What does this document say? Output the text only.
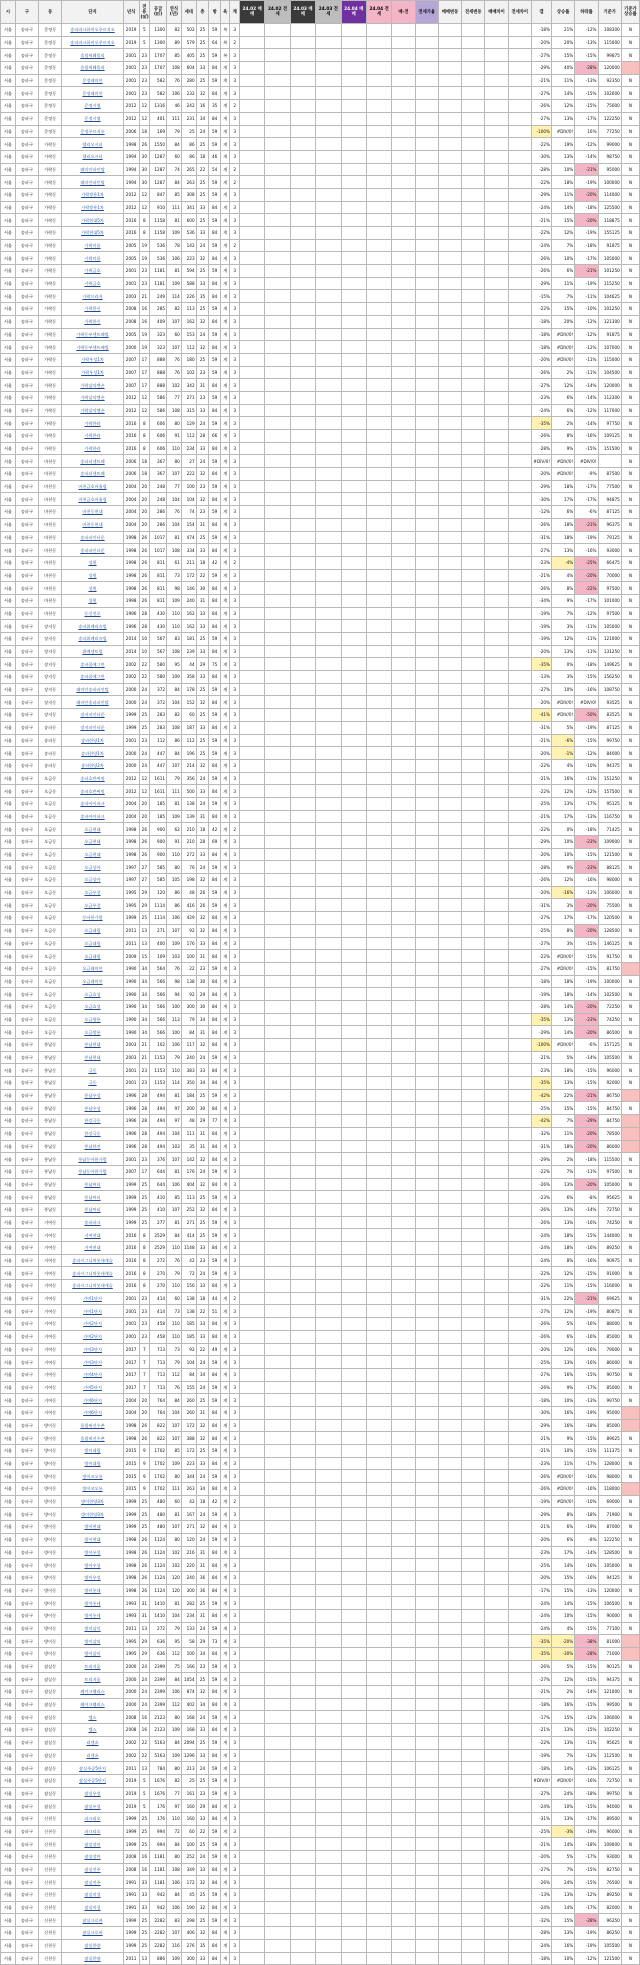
시	구	동	단지	년식	전용(㎡)	공급(㎡)	연식(년)	세대	층	방	욕	계	24.02 매매	24.02 전세	24.03 매매	24.03 전세	24.04 매매	24.04 전세	매-전	전세가율	매매변동	전세변동	매매차이	전세차이	갭	상승률	하락률	기준가	기준가 상승률
서울	송파구	문정동	송파파크하비오푸르지오	2019	5	1300	82	502	25	59	복	3													-18%	21%	-12%	108300	N
서울	송파구	문정동	송파파크하비오푸르지오	2019	5	1300	89	579	25	64	복	2													-20%	20%	-13%	115000	N
서울	송파구	문정동	올림픽훼밀리	2001	23	1707	85	405	25	59	복	3													-27%	15%	-15%	99875	N
서울	송파구	문정동	올림픽훼밀리	2001	23	1707	108	604	33	84	계	3													-29%	40%	-28%	120000	
서울	송파구	문정동	문정래미안	2001	23	582	76	280	25	59	계	3													-21%	11%	-13%	92350	N
서울	송파구	문정동	문정래미안	2001	23	582	106	232	32	84	계	3													-27%	14%	-15%	102000	N
서울	송파구	문정동	문정시영	2012	12	1316	46	242	16	35	계	2													-26%	12%	-15%	75600	N
서울	송파구	문정동	문정시영	2012	12	401	111	231	34	84	계	3													-27%	13%	-17%	122250	N
서울	송파구	문정동	문정푸르지오	2006	18	169	79	25	24	59	계	3													-100%	#DIV/0!	16%	77250	N
서울	송파구	가락동	헬리오시티	1998	26	1550	84	86	25	59	계	3													-22%	19%	-12%	99000	N
서울	송파구	가락동	헬리오시티	1994	30	1287	60	86	18	46	계	3													-30%	13%	-14%	98750	N
서울	송파구	가락동	래미안파인탑	1994	30	1287	74	265	22	54	계	2													-28%	10%	-21%	95000	N
서울	송파구	가락동	래미안파인탑	1994	30	1287	84	263	25	59	계	2													-22%	18%	-19%	100000	N
서울	송파구	가락동	가락쌍용1차	2012	12	847	85	308	25	59	계	3													-29%	11%	-20%	114000	N
서울	송파구	가락동	가락쌍용1차	2012	12	910	111	341	33	84	계	3													-24%	14%	-18%	125500	N
서울	송파구	가락동	가락현대5차	2016	8	1158	81	600	25	59	계	3													-21%	15%	-20%	118875	N
서울	송파구	가락동	가락현대5차	2016	8	1158	109	536	33	84	계	3													-22%	12%	-19%	155125	N
서울	송파구	가락동	가락미륭	2005	19	536	78	142	24	59	계	2													-24%	7%	-18%	91875	N
서울	송파구	가락동	가락미륭	2005	19	536	106	223	32	84	계	3													-26%	10%	-17%	105000	N
서울	송파구	가락동	가락금호	2001	23	1181	81	594	25	59	계	3													-26%	6%	-21%	101250	N
서울	송파구	가락동	가락금호	2001	23	1181	109	588	33	84	계	3													-29%	11%	-19%	115250	N
서울	송파구	가락동	가락프라자	2003	21	249	114	226	35	84	계	3													-15%	7%	-11%	104625	N
서울	송파구	가락동	가락한신	2008	16	285	82	113	25	59	계	3													-22%	15%	-10%	101250	N
서울	송파구	가락동	가락한신	2008	16	409	107	162	32	84	계	3													-18%	20%	-12%	121300	N
서울	송파구	가락동	가락동부센트레빌	2005	19	323	60	153	24	59	계	3													-18%	#DIV/0!	-12%	91875	N
서울	송파구	가락동	가락동부센트레빌	2000	19	323	107	112	32	84	계	3													-18%	#DIV/0!	-12%	107000	N
서울	송파구	가락동	가락우성1차	2007	17	888	76	180	25	59	계	3													-20%	#DIV/0!	-11%	115000	N
서울	송파구	가락동	가락우성1차	2007	17	888	76	102	23	59	계	3													-26%	2%	-11%	104500	N
서울	송파구	가락동	가락삼익맨숀	2007	17	888	102	342	31	84	계	3													-27%	12%	-14%	120000	N
서울	송파구	가락동	가락삼익맨숀	2012	12	586	77	271	23	59	계	3													-23%	6%	-14%	112300	N
서울	송파구	가락동	가락삼익맨숀	2012	12	586	108	315	33	84	계	3													-24%	6%	-12%	117000	N
서울	송파구	가락동	가락한라	2016	8	606	80	129	24	59	계	3													-35%	2%	-14%	97750	N
서울	송파구	가락동	가락한라	2016	8	606	91	112	28	66	계	3													-26%	8%	-16%	109125	N
서울	송파구	가락동	가락한라	2016	8	606	110	234	33	84	계	3													-28%	9%	-15%	151500	N
서울	송파구	마천동	송파더센트레	2006	18	367	80	27	24	59	계	3													#DIV/0!	#DIV/0!	#DIV/0!		N
서울	송파구	마천동	송파더센트레	2006	18	367	107	222	32	84	계	3													-20%	#DIV/0!	-9%	87500	N
서울	송파구	마천동	마천금호어울림	2004	20	248	77	100	23	59	계	3													-29%	18%	-17%	77500	N
서울	송파구	마천동	마천금호어울림	2004	20	248	104	104	32	84	계	3													-30%	17%	-17%	94875	N
서울	송파구	마천동	마천동현대	2004	20	286	76	74	23	59	계	3													-12%	6%	-6%	87125	N
서울	송파구	마천동	마천동현대	2004	20	286	104	154	31	84	계	3													-26%	18%	-21%	96375	N
서울	송파구	마천동	송파파인타운	1998	26	1017	81	474	25	59	계	3													-31%	18%	-19%	79125	N
서울	송파구	마천동	송파파인타운	1998	26	1017	108	334	33	84	계	3													-27%	13%	-16%	93000	N
서울	송파구	마천동	성원	1998	26	811	61	211	18	42	계	2													-23%	-4%	-25%	66475	N
서울	송파구	마천동	성원	1998	26	811	73	172	22	59	계	3													-21%	4%	-20%	70000	N
서울	송파구	마천동	성원	1998	26	811	98	146	30	84	계	3													-26%	8%	-22%	97500	N
서울	송파구	마천동	성원	1998	26	811	109	240	31	84	계	3													-34%	9%	-17%	101000	N
서울	송파구	마천동	동신진로	1996	28	430	110	162	33	84	계	3													-19%	7%	-12%	97500	N
서울	송파구	장지동	송파위례리슈빌	1996	28	430	110	162	33	84	계	3													-19%	3%	-11%	105000	N
서울	송파구	장지동	송파위례리슈빌	2014	10	567	83	181	25	59	계	3													-19%	12%	-11%	121000	N
서울	송파구	장지동	위례센트럴	2014	10	567	108	239	33	84	계	3													-20%	13%	-11%	131250	N
서울	송파구	장지동	송파꿈에그린	2002	22	580	95	44	29	75	계	3													-35%	0%	-18%	149625	N
서울	송파구	장지동	송파꿈에그린	2002	22	580	109	358	33	84	계	3													-13%	3%	-15%	156250	N
서울	송파구	장지동	래미안송파파인탑	2000	24	372	84	178	25	59	계	3													-27%	10%	-16%	108750	N
서울	송파구	장지동	래미안송파파인탑	2000	24	372	104	152	32	84	계	3													-20%	#DIV/0!	#DIV/0!	93525	N
서울	송파구	장지동	장지파인타운	1999	25	283	82	60	25	59	계	3													-41%	#DIV/0!	-50%	83525	N
서울	송파구	송파동	장지파인타운	1999	25	283	108	187	33	84	계	3													-31%	5%	-19%	87125	N
서울	송파구	송파동	송파한양1차	2001	23	112	86	112	25	59	계	3													-21%	-6%	-15%	99750	N
서울	송파구	송파동	송파한양1차	2000	24	447	84	196	25	59	계	3													-20%	-1%	-12%	84000	N
서울	송파구	송파동	송파한양2차	2000	24	447	107	214	32	84	계	3													-22%	4%	-10%	94375	N
서울	송파구	오금동	송파호반써밋	2012	12	1611	79	356	24	59	계	3													-21%	16%	-11%	151250	N
서울	송파구	오금동	송파호반써밋	2012	12	1611	111	500	33	84	계	3													-22%	12%	-12%	157500	N
서울	송파구	오금동	송파아이파크	2004	20	185	81	138	24	59	계	3													-25%	13%	-17%	95125	N
서울	송파구	오금동	송파아이파크	2004	20	185	109	139	31	84	계	3													-21%	17%	-13%	116750	N
서울	송파구	오금동	오금현대	1998	26	900	62	210	18	42	계	2													-22%	0%	-18%	71425	N
서울	송파구	오금동	오금현대	1998	26	900	91	210	28	69	계	3													-29%	10%	-23%	109000	N
서울	송파구	오금동	오금현대	1998	26	900	110	272	33	84	계	3													-20%	10%	-15%	121500	N
서울	송파구	오금동	오금상아	1997	27	585	80	76	24	59	계	3													-28%	9%	-23%	88125	N
서울	송파구	오금동	오금상아	1997	27	585	105	198	32	84	계	3													-26%	12%	-16%	98000	N
서울	송파구	오금동	오금우창	1995	29	120	86	48	26	59	계	3													-20%	-16%	-13%	106000	N
서울	송파구	오금동	오금우창	1995	29	1114	86	416	26	59	계	3													-31%	3%	-20%	75500	N
서울	송파구	오금동	동아한가람	1999	25	1114	106	429	32	84	계	3													-27%	17%	-17%	120500	N
서울	송파구	오금동	오금대림	2011	13	271	107	92	32	84	계	3													-25%	8%	-20%	128500	N
서울	송파구	오금동	오금대림	2011	13	400	109	176	33	84	계	3													-27%	3%	-15%	146125	N
서울	송파구	오금동	오금대림	2009	15	109	103	100	31	84	계	3													-22%	#DIV/0!	-15%	91750	N
서울	송파구	오금동	오금래미안	1990	34	564	76	22	23	59	계	3													-27%	#DIV/0!	-15%	81750	
서울	송파구	오금동	오금래미안	1990	34	566	98	138	30	84	계	3													-18%	18%	-19%	100000	N
서울	송파구	오금동	오금효성	1990	34	566	94	92	29	84	계	3													-19%	18%	-14%	102500	N
서울	송파구	오금동	오금효성	1990	34	566	100	300	30	84	계	3													-28%	14%	-20%	72250	N
서울	송파구	오금동	오금쌍용	1990	34	566	113	79	34	84	계	3													-35%	13%	-23%	74250	N
서울	송파구	오금동	오금쌍용	1990	34	566	100	84	31	84	계	3													-29%	14%	-20%	86500	N
서울	송파구	풍납동	풍납현대	2003	21	102	106	117	32	84	계	3													-100%	#DIV/0!	-6%	157125	N
서울	송파구	풍납동	풍납현대	2003	21	1153	79	240	24	59	계	3													-21%	5%	-14%	105500	N
서울	송파구	풍납동	극동	2001	23	1153	110	383	33	84	계	3													-23%	18%	-15%	96000	N
서울	송파구	풍납동	극동	2001	23	1153	114	350	34	84	계	3													-35%	13%	-15%	92000	N
서울	송파구	풍납동	풍납우성	1996	28	494	81	184	25	59	계	3													-42%	22%	-21%	86750	
서울	송파구	풍납동	풍납우성	1996	28	494	97	200	30	84	계	3													-25%	15%	-15%	84750	N
서울	송파구	풍납동	한강극동	1996	28	494	97	48	29	77	계	3													-42%	7%	-29%	84750	
서울	송파구	풍납동	한강극동	1996	28	494	104	111	31	84	계	3													-32%	11%	-20%	78500	
서울	송파구	풍납동	풍납한진	1996	28	494	103	35	31	84	계	3													-31%	18%	-20%	86000	
서울	송파구	풍납동	풍납동아한가람	2001	23	376	107	142	32	84	계	3													-29%	2%	-18%	115500	N
서울	송파구	풍납동	풍납동아한가람	2007	17	644	81	176	24	59	계	3													-22%	7%	-11%	97500	N
서울	송파구	풍납동	풍납씨티	1999	25	644	106	404	32	84	계	3													-26%	13%	-20%	105000	N
서울	송파구	풍납동	풍납씨티	1999	25	410	85	113	25	59	계	3													-23%	6%	-8%	95625	N
서울	송파구	풍납동	풍납씨티	1999	25	410	107	252	32	84	계	3													-26%	13%	-14%	72750	N
서울	송파구	거여동	송파파크	1999	25	277	81	271	25	59	계	3													-26%	13%	-16%	74250	N
서울	송파구	거여동	거여현대	2016	8	2529	84	414	25	59	계	3													-24%	18%	-15%	144000	N
서울	송파구	거여동	거여현대	2016	8	2529	110	1148	33	84	계	3													-24%	18%	-16%	89250	N
서울	송파구	거여동	송파시그니처롯데캐슬	2016	8	272	76	42	23	59	계	3													-24%	8%	-16%	90975	N
서울	송파구	거여동	송파시그니처롯데캐슬	2016	8	270	79	72	24	59	계	3													-22%	12%	-15%	91000	N
서울	송파구	거여동	송파시그니처롯데캐슬	2016	8	270	110	156	33	84	계	3													-22%	11%	-15%	116000	N
서울	송파구	거여동	거여1단지	2001	23	414	60	138	18	44	계	2													-31%	22%	-21%	69625	N
서울	송파구	거여동	거여1단지	2001	23	414	73	138	22	51	계	3													-27%	12%	-19%	80875	N
서울	송파구	거여동	거여2단지	2001	23	458	110	185	33	84	계	3													-26%	5%	-16%	88000	N
서울	송파구	거여동	거여2단지	2001	23	458	110	185	33	84	계	3													-26%	6%	-16%	85000	N
서울	송파구	거여동	거여3단지	2017	7	713	73	92	22	49	계	3													-20%	12%	-16%	79000	N
서울	송파구	거여동	거여3단지	2017	7	713	79	104	24	59	계	3													-25%	13%	-16%	86000	N
서울	송파구	거여동	거여4단지	2017	7	713	112	84	34	84	계	3													-27%	16%	-15%	90750	N
서울	송파구	거여동	거여5단지	2017	7	713	76	155	24	59	계	3													-26%	9%	-17%	85000	N
서울	송파구	거여동	거여6단지	2004	20	764	84	260	25	59	계	3													-18%	10%	-13%	99750	N
서울	송파구	거여동	거여6단지	2004	20	764	104	260	31	84	계	3													-30%	16%	-19%	95000	
서울	송파구	방이동	올림픽선수촌	1998	26	822	107	172	32	84	계	3													-29%	16%	-18%	85000	
서울	송파구	방이동	올림픽선수촌	1998	26	822	107	388	32	84	계	3													-21%	9%	-15%	89625	N
서울	송파구	방이동	방이대림	2015	9	1702	85	172	25	59	계	3													-21%	10%	-15%	111375	N
서울	송파구	방이동	방이대림	2015	9	1702	109	223	33	84	계	3													-23%	11%	-17%	128000	N
서울	송파구	방이동	방이코오롱	2015	9	1702	80	344	24	59	계	3													-26%	#DIV/0!	-16%	98000	N
서울	송파구	방이동	방이코오롱	2015	9	1702	111	263	34	84	계	3													-26%	#DIV/0!	-16%	118000	
서울	송파구	방이동	방이한양3차	1999	25	480	60	42	18	42	계	2													-19%	#DIV/0!	-10%	69000	N
서울	송파구	방이동	방이한양3차	1999	25	480	81	167	24	59	계	3													-29%	8%	-18%	71900	N
서울	송파구	방이동	방이현대	1999	25	480	107	271	32	84	계	3													-21%	6%	-19%	87000	N
서울	송파구	방이동	방이현대	1998	26	1124	80	120	24	59	계	3													-20%	6%	-8%	122250	N
서울	송파구	방이동	방이우성	1998	26	1124	102	216	31	84	계	3													-23%	17%	-14%	128500	N
서울	송파구	방이동	방이우성	1998	26	1124	102	220	31	84	계	3													-25%	14%	-16%	105000	N
서울	송파구	방이동	방이우성	1998	26	1124	120	240	36	84	계	3													-20%	15%	-16%	94125	N
서울	송파구	방이동	방이롯데	1998	26	1124	120	300	36	84	계	3													-17%	15%	-13%	120000	N
서울	송파구	방이동	방이롯데	1993	31	1410	81	282	25	59	계	3													-24%	14%	-15%	106500	N
서울	송파구	방이동	방이롯데	1993	31	1410	104	234	31	84	계	3													-24%	10%	-15%	90000	N
서울	송파구	방이동	방이삼익	2011	13	272	79	133	24	59	계	3													-24%	4%	-15%	77100	N
서울	송파구	방이동	방이삼익	1995	29	636	95	58	29	73	계	3													-35%	-20%	-38%	81000	
서울	송파구	방이동	방이삼익	1995	29	636	112	100	34	84	계	3													-35%	-30%	-28%	71000	
서울	송파구	잠실동	트리지움	2000	24	2399	75	166	23	59	계	3													-26%	5%	-15%	90125	N
서울	송파구	잠실동	트리지움	2000	24	2399	84	1054	25	59	계	3													-27%	12%	-15%	94375	N
서울	송파구	잠실동	레이크팰리스	2000	24	2399	106	874	32	84	계	3													-21%	2%	-14%	121000	N
서울	송파구	잠실동	레이크팰리스	2000	24	2399	112	402	34	84	계	3													-18%	16%	-15%	99500	N
서울	송파구	잠실동	엘스	2008	16	2123	80	168	24	59	계	3													-17%	15%	-12%	106000	N
서울	송파구	잠실동	엘스	2008	16	2123	109	168	33	84	계	3													-21%	13%	-15%	102250	N
서울	송파구	잠실동	리센츠	2002	22	5163	84	2094	25	59	계	3													-22%	13%	-11%	95625	N
서울	송파구	잠실동	리센츠	2002	22	5163	109	1296	33	84	계	3													-19%	7%	-13%	112500	N
서울	송파구	잠실동	잠실주공5단지	2011	13	784	80	213	24	59	계	3													-18%	14%	-13%	106125	N
서울	송파구	잠실동	잠실주공5단지	2019	5	1676	82	25	25	59	계	3													#DIV/0!	#DIV/0!	-16%	72750	N
서울	송파구	잠실동	잠실우성	2019	5	1676	77	161	23	59	계	3													-27%	24%	-18%	99750	N
서울	송파구	잠실동	잠실우성	2019	5	176	97	160	29	84	계	3													-24%	10%	-15%	94000	N
서울	송파구	신천동	파크리오	1999	25	176	110	160	33	84	계	3													-31%	13%	-17%	89500	N
서울	송파구	신천동	파크리오	1999	25	994	72	60	22	59	계	3													-25%	-3%	-19%	96000	N
서울	송파구	신천동	잠실장미	1999	25	994	84	100	25	59	계	3													-21%	14%	-18%	109000	N
서울	송파구	신천동	잠실장미	2008	16	1181	80	252	24	59	계	3													-20%	5%	-17%	93000	N
서울	송파구	신천동	잠실진주	2008	16	1181	108	349	33	84	계	3													-27%	7%	-15%	82750	N
서울	송파구	신천동	잠실진주	1991	33	1181	106	172	32	84	계	3													-26%	24%	-15%	76500	N
서울	송파구	신천동	잠실미성	1991	33	942	84	45	25	59	계	3													-13%	13%	-12%	89250	N
서울	송파구	신천동	잠실미성	1991	33	942	106	190	32	84	계	3													-24%	14%	-17%	82000	N
서울	송파구	신천동	잠실크로바	1999	25	2282	83	298	25	59	계	3													-32%	15%	-28%	96250	N
서울	송파구	신천동	잠실크로바	1999	25	2282	107	406	32	84	계	3													-28%	13%	-19%	86250	N
서울	송파구	신천동	잠실한양	1999	25	2282	116	276	35	84	계	3													-24%	16%	-19%	105500	N
서울	송파구	신천동	잠실한양	2011	13	886	109	300	33	84	계	3													-18%	10%	-12%	121500	N
